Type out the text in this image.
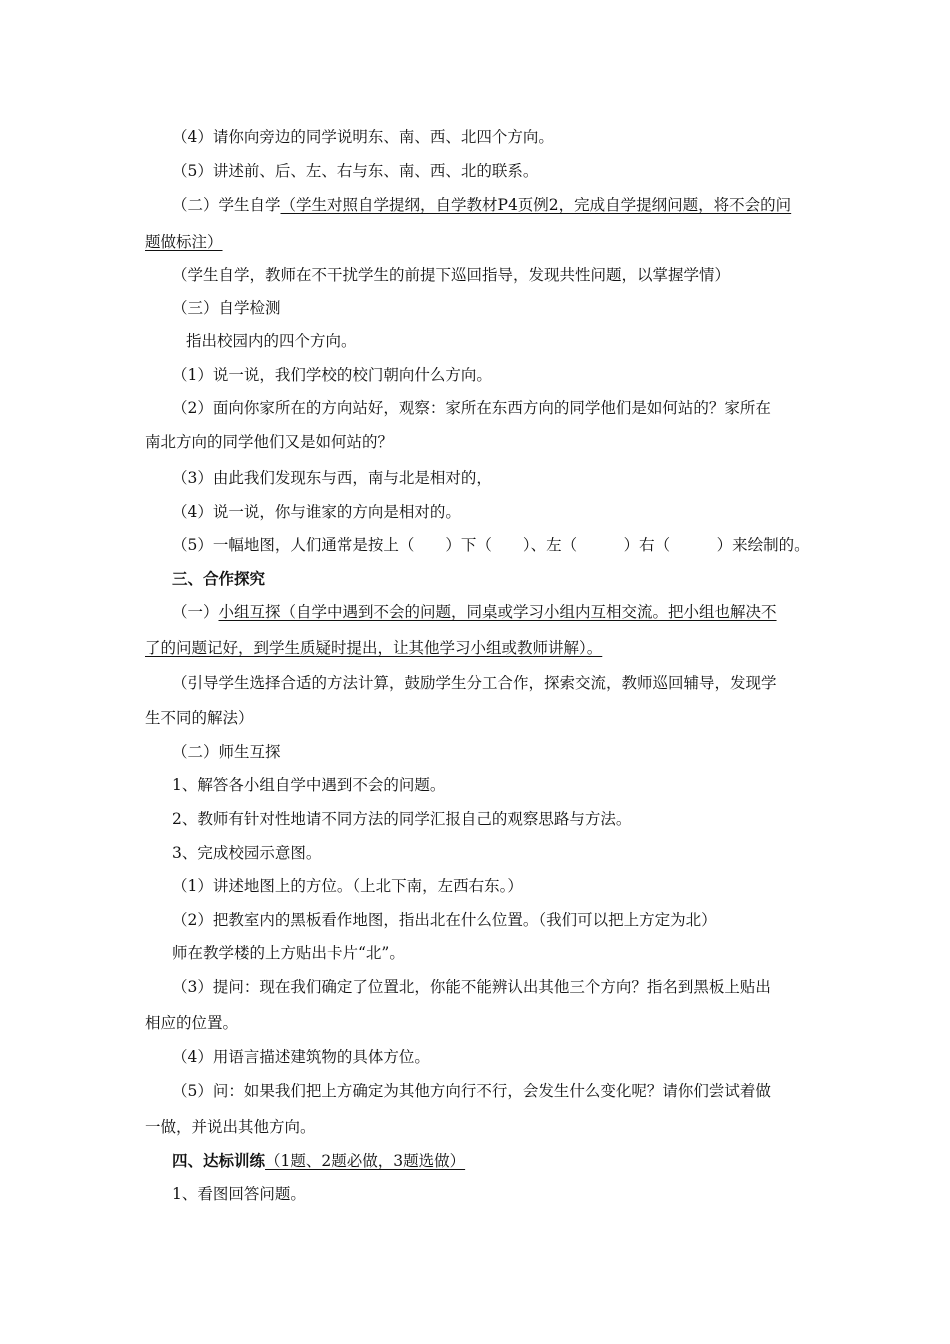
（4）请你向旁边的同学说明东、南、西、北四个方向。
（5）讲述前、后、左、右与东、南、西、北的联系。
（二）学生自学（学生对照自学提纲，自学教材P4页例2，完成自学提纲问题，将不会的问
题做标注）
（学生自学，教师在不干扰学生的前提下巡回指导，发现共性问题，以掌握学情）
（三）自学检测
指出校园内的四个方向。
（1）说一说，我们学校的校门朝向什么方向。
（2）面向你家所在的方向站好，观察：家所在东西方向的同学他们是如何站的？家所在
南北方向的同学他们又是如何站的？
（3）由此我们发现东与西，南与北是相对的，
（4）说一说，你与谁家的方向是相对的。
（5）一幅地图，人们通常是按上（　　）下（　　）、左（　　　）右（　　　）来绘制的。
三、合作探究
（一）小组互探（自学中遇到不会的问题，同桌或学习小组内互相交流。把小组也解决不
了的问题记好，到学生质疑时提出，让其他学习小组或教师讲解）。
（引导学生选择合适的方法计算，鼓励学生分工合作，探索交流，教师巡回辅导，发现学
生不同的解法）
（二）师生互探
1、解答各小组自学中遇到不会的问题。
2、教师有针对性地请不同方法的同学汇报自己的观察思路与方法。
3、完成校园示意图。
（1）讲述地图上的方位。（上北下南，左西右东。）
（2）把教室内的黑板看作地图，指出北在什么位置。（我们可以把上方定为北）
师在教学楼的上方贴出卡片“北”。
（3）提问：现在我们确定了位置北，你能不能辨认出其他三个方向？指名到黑板上贴出
相应的位置。
（4）用语言描述建筑物的具体方位。
（5）问：如果我们把上方确定为其他方向行不行，会发生什么变化呢？请你们尝试着做
一做，并说出其他方向。
四、达标训练（1题、2题必做，3题选做）
1、看图回答问题。
